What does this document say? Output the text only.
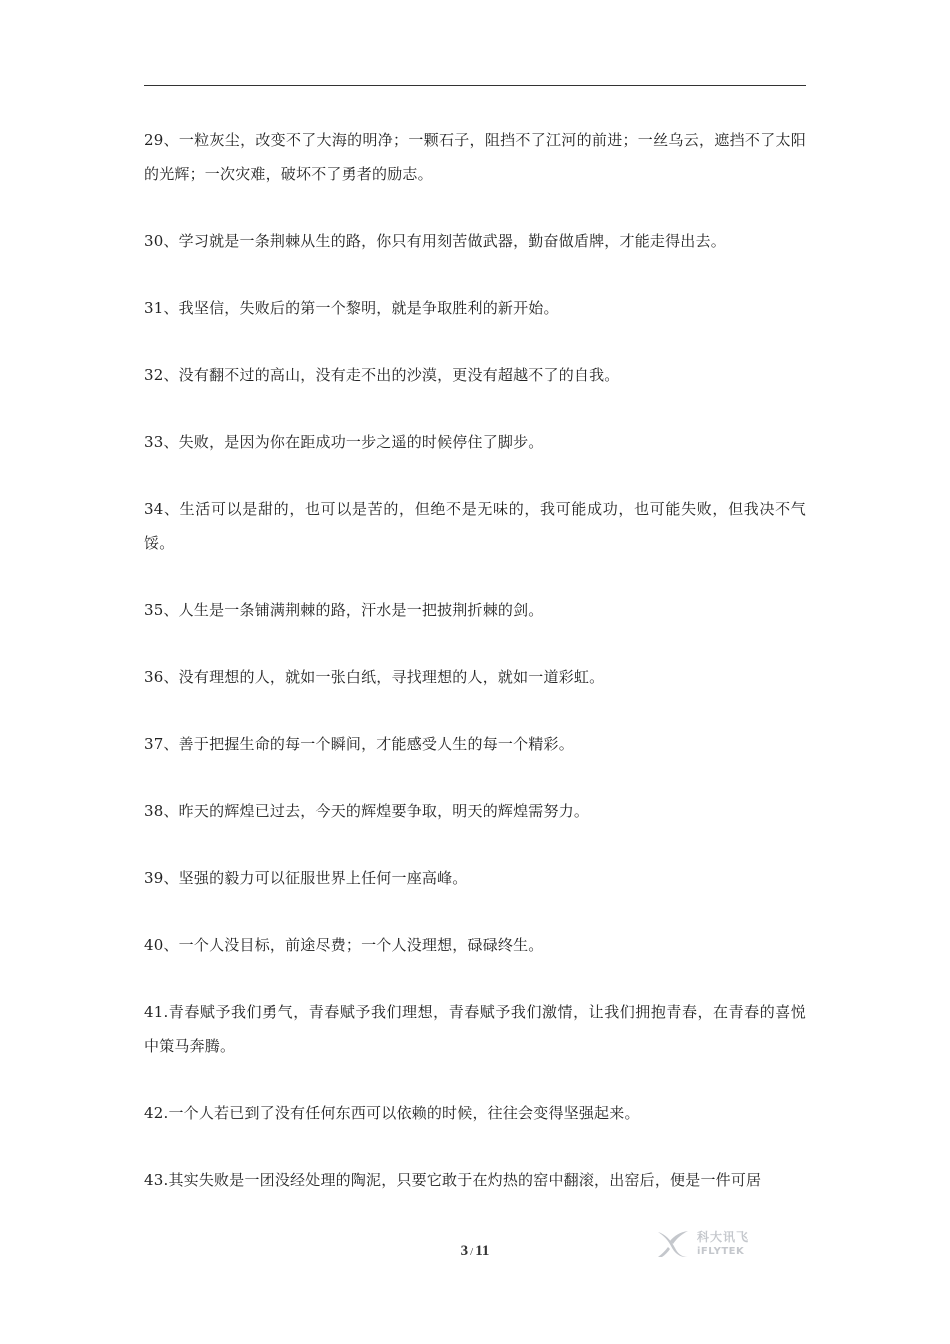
29、一粒灰尘，改变不了大海的明净；一颗石子，阻挡不了江河的前进；一丝乌云，遮挡不了太阳的光辉；一次灾难，破坏不了勇者的励志。

30、学习就是一条荆棘从生的路，你只有用刻苦做武器，勤奋做盾牌，才能走得出去。

31、我坚信，失败后的第一个黎明，就是争取胜利的新开始。

32、没有翻不过的高山，没有走不出的沙漠，更没有超越不了的自我。

33、失败，是因为你在距成功一步之遥的时候停住了脚步。

34、生活可以是甜的，也可以是苦的，但绝不是无味的，我可能成功，也可能失败，但我决不气馁。

35、人生是一条铺满荆棘的路，汗水是一把披荆折棘的剑。

36、没有理想的人，就如一张白纸，寻找理想的人，就如一道彩虹。

37、善于把握生命的每一个瞬间，才能感受人生的每一个精彩。

38、昨天的辉煌已过去，今天的辉煌要争取，明天的辉煌需努力。

39、坚强的毅力可以征服世界上任何一座高峰。

40、一个人没目标，前途尽费；一个人没理想，碌碌终生。

41.青春赋予我们勇气，青春赋予我们理想，青春赋予我们激情，让我们拥抱青春，在青春的喜悦中策马奔腾。

42.一个人若已到了没有任何东西可以依赖的时候，往往会变得坚强起来。

43.其实失败是一团没经处理的陶泥，只要它敢于在灼热的窑中翻滚，出窑后，便是一件可居

3 / 11
科大讯飞
iFLYTEK
